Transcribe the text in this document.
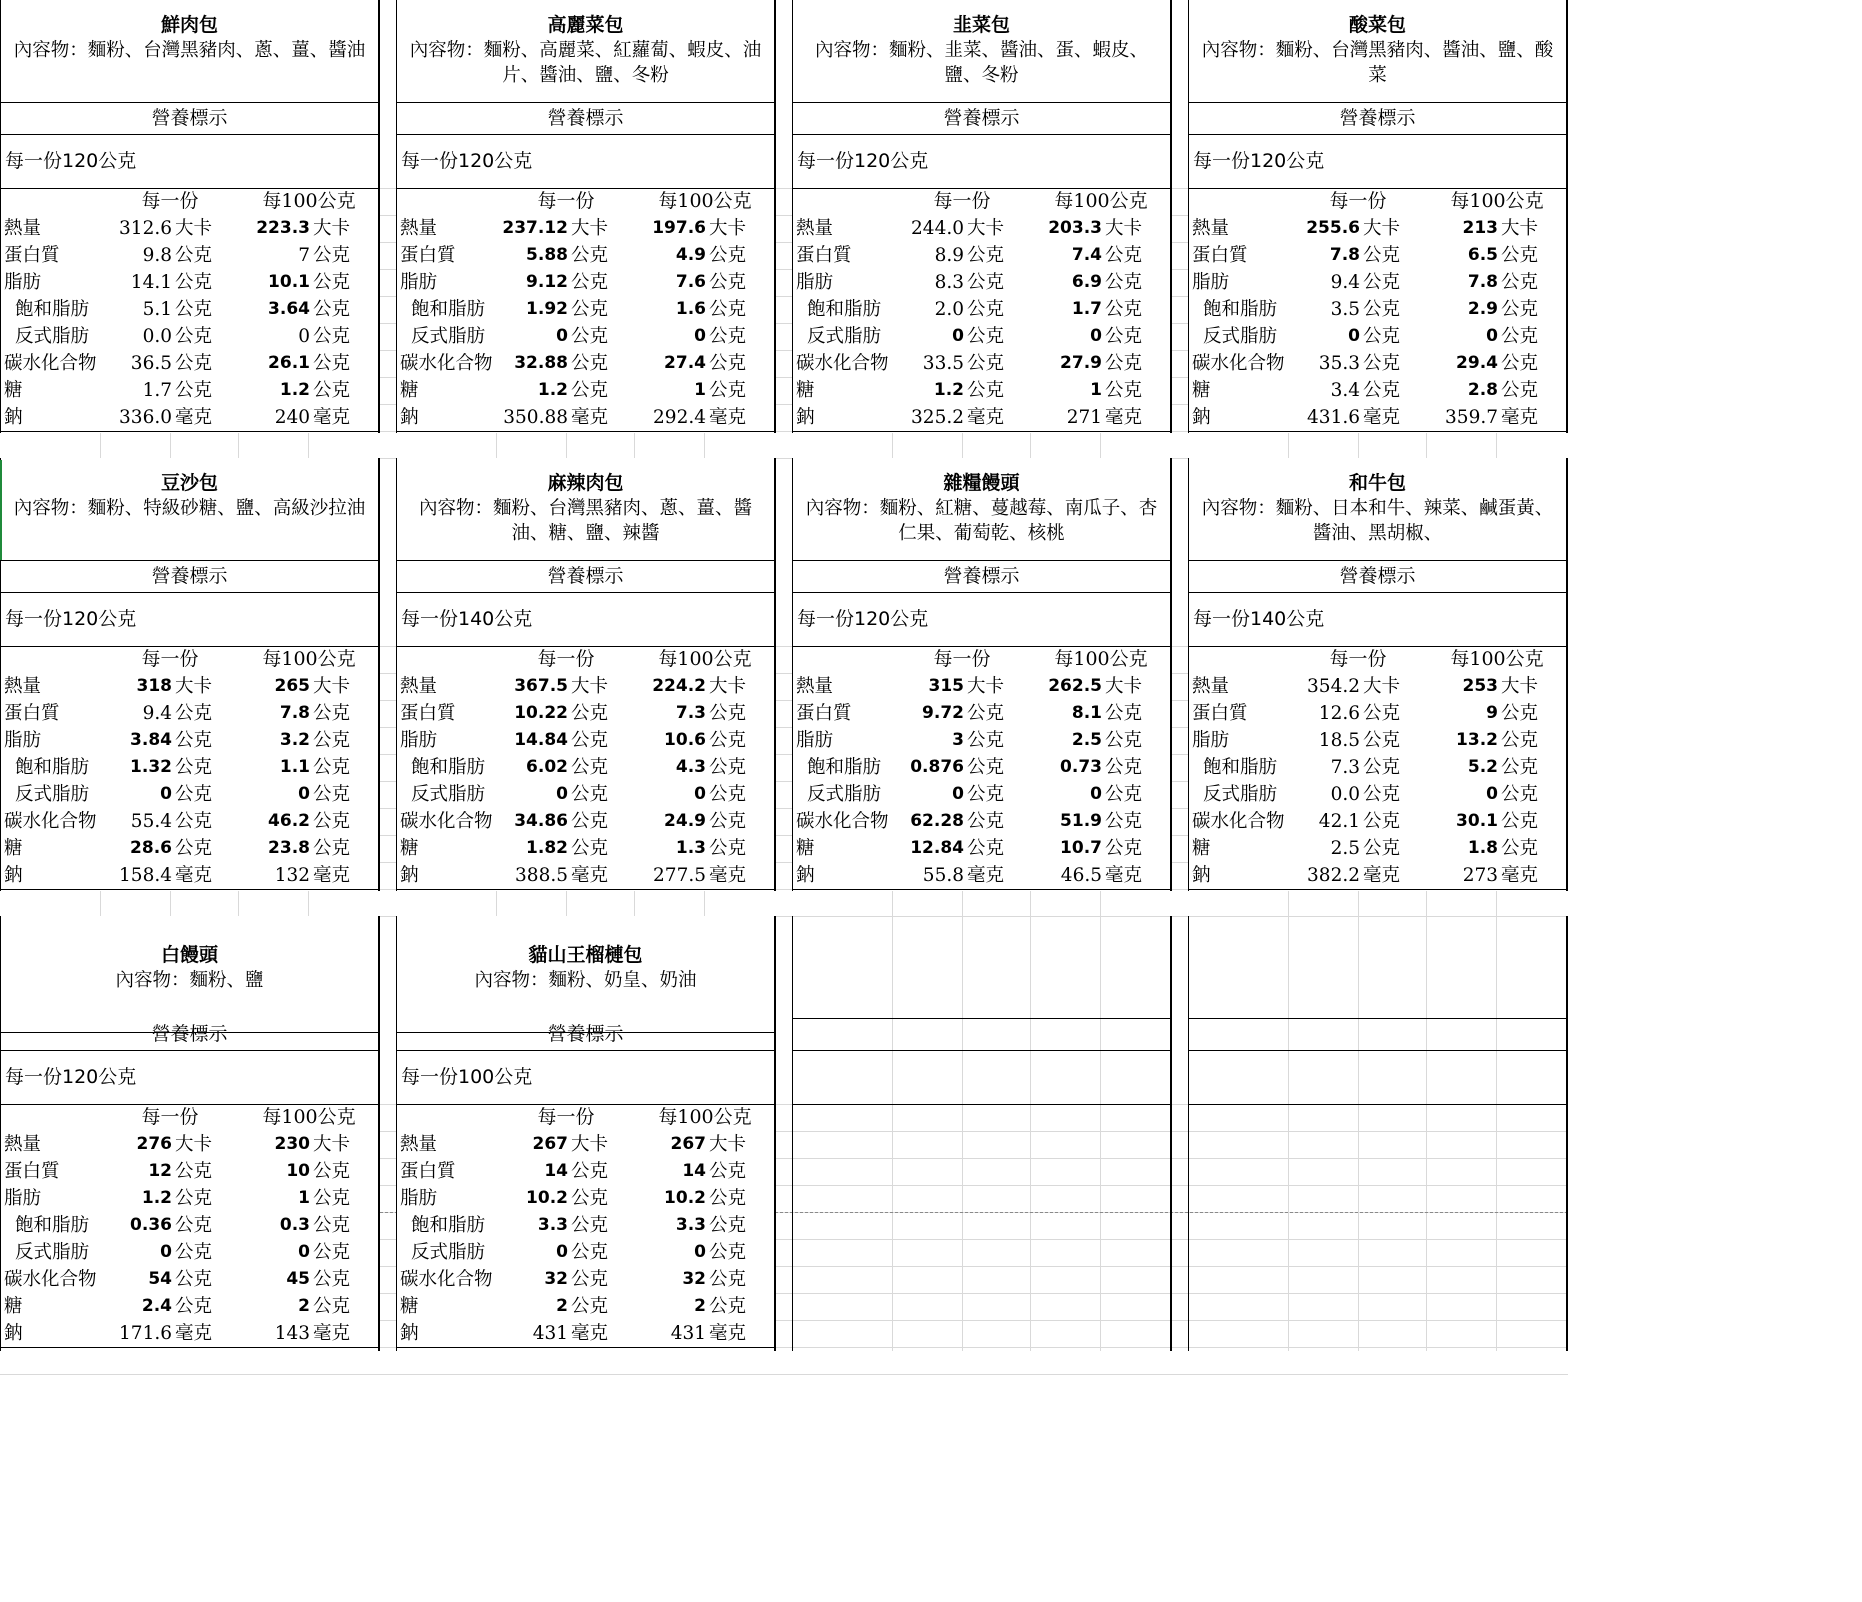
鮮肉包
內容物：麵粉、台灣黑豬肉、蔥、薑、醬油
營養標示
每一份120公克
每一份	每100公克
熱量	312.6 大卡	223.3 大卡
蛋白質	9.8 公克	7 公克
脂肪	14.1 公克	10.1 公克
飽和脂肪	5.1 公克	3.64 公克
反式脂肪	0.0 公克	0 公克
碳水化合物 36.5 公克	26.1 公克
糖	1.7 公克	1.2 公克
鈉	336.0 毫克	240 毫克
高麗菜包
內容物：麵粉、高麗菜、紅蘿蔔、蝦皮、油片、醬油、鹽、冬粉
營養標示
每一份120公克
每一份	每100公克
熱量	237.12 大卡	197.6 大卡
蛋白質	5.88 公克	4.9 公克
脂肪	9.12 公克	7.6 公克
飽和脂肪 1.92 公克	1.6 公克
反式脂肪	0 公克	0 公克
碳水化合物 32.88 公克	27.4 公克
糖	1.2 公克	1 公克
鈉	350.88 毫克 292.4 毫克
韭菜包
內容物：麵粉、韭菜、醬油、蛋、蝦皮、鹽、冬粉
營養標示
每一份120公克
每一份	每100公克
熱量	244.0 大卡	203.3 大卡
蛋白質	8.9 公克	7.4 公克
脂肪	8.3 公克	6.9 公克
飽和脂肪	2.0 公克	1.7 公克
反式脂肪	0 公克	0 公克
碳水化合物 33.5 公克	27.9 公克
糖	1.2 公克	1 公克
鈉	325.2 毫克	271 毫克
酸菜包
內容物：麵粉、台灣黑豬肉、醬油、鹽、酸菜
營養標示
每一份120公克
每一份	每100公克
熱量	255.6 大卡	213 大卡
蛋白質	7.8 公克	6.5 公克
脂肪	9.4 公克	7.8 公克
飽和脂肪	3.5 公克	2.9 公克
反式脂肪	0 公克	0 公克
碳水化合物 35.3 公克	29.4 公克
糖	3.4 公克	2.8 公克
鈉	431.6 毫克 359.7 毫克
豆沙包
內容物：麵粉、特級砂糖、鹽、高級沙拉油
營養標示
每一份120公克
每一份	每100公克
熱量	318 大卡	265 大卡
蛋白質	9.4 公克	7.8 公克
脂肪	3.84 公克	3.2 公克
飽和脂肪 1.32 公克	1.1 公克
反式脂肪	0 公克	0 公克
碳水化合物 55.4 公克	46.2 公克
糖	28.6 公克	23.8 公克
鈉	158.4 毫克	132 毫克
麻辣肉包
內容物：麵粉、台灣黑豬肉、蔥、薑、醬油、糖、鹽、辣醬
營養標示
每一份140公克
每一份	每100公克
熱量	367.5 大卡	224.2 大卡
蛋白質	10.22 公克	7.3 公克
脂肪	14.84 公克	10.6 公克
飽和脂肪 6.02 公克	4.3 公克
反式脂肪	0 公克	0 公克
碳水化合物 34.86 公克	24.9 公克
糖	1.82 公克	1.3 公克
鈉	388.5 毫克 277.5 毫克
雜糧饅頭
內容物：麵粉、紅糖、蔓越莓、南瓜子、杏仁果、葡萄乾、核桃
營養標示
每一份120公克
每一份	每100公克
熱量	315 大卡	262.5 大卡
蛋白質	9.72 公克	8.1 公克
脂肪	3 公克	2.5 公克
飽和脂肪 0.876 公克	0.73 公克
反式脂肪	0 公克	0 公克
碳水化合物 62.28 公克	51.9 公克
糖	12.84 公克	10.7 公克
鈉	55.8 毫克	46.5 毫克
和牛包
內容物：麵粉、日本和牛、辣菜、鹹蛋黃、醬油、黑胡椒、
營養標示
每一份140公克
每一份	每100公克
熱量	354.2 大卡	253 大卡
蛋白質	12.6 公克	9 公克
脂肪	18.5 公克	13.2 公克
飽和脂肪	7.3 公克	5.2 公克
反式脂肪	0.0 公克	0 公克
碳水化合物 42.1 公克	30.1 公克
糖	2.5 公克	1.8 公克
鈉	382.2 毫克	273 毫克
白饅頭
內容物：麵粉、鹽
營養標示
每一份120公克
每一份	每100公克
熱量	276 大卡	230 大卡
蛋白質	12 公克	10 公克
脂肪	1.2 公克	1 公克
飽和脂肪 0.36 公克	0.3 公克
反式脂肪	0 公克	0 公克
碳水化合物	54 公克	45 公克
糖	2.4 公克	2 公克
鈉	171.6 毫克	143 毫克
貓山王榴槤包
內容物：麵粉、奶皇、奶油
營養標示
每一份100公克
每一份	每100公克
熱量	267 大卡	267 大卡
蛋白質	14 公克	14 公克
脂肪	10.2 公克	10.2 公克
飽和脂肪	3.3 公克	3.3 公克
反式脂肪	0 公克	0 公克
碳水化合物	32 公克	32 公克
糖	2 公克	2 公克
鈉	431 毫克	431 毫克
